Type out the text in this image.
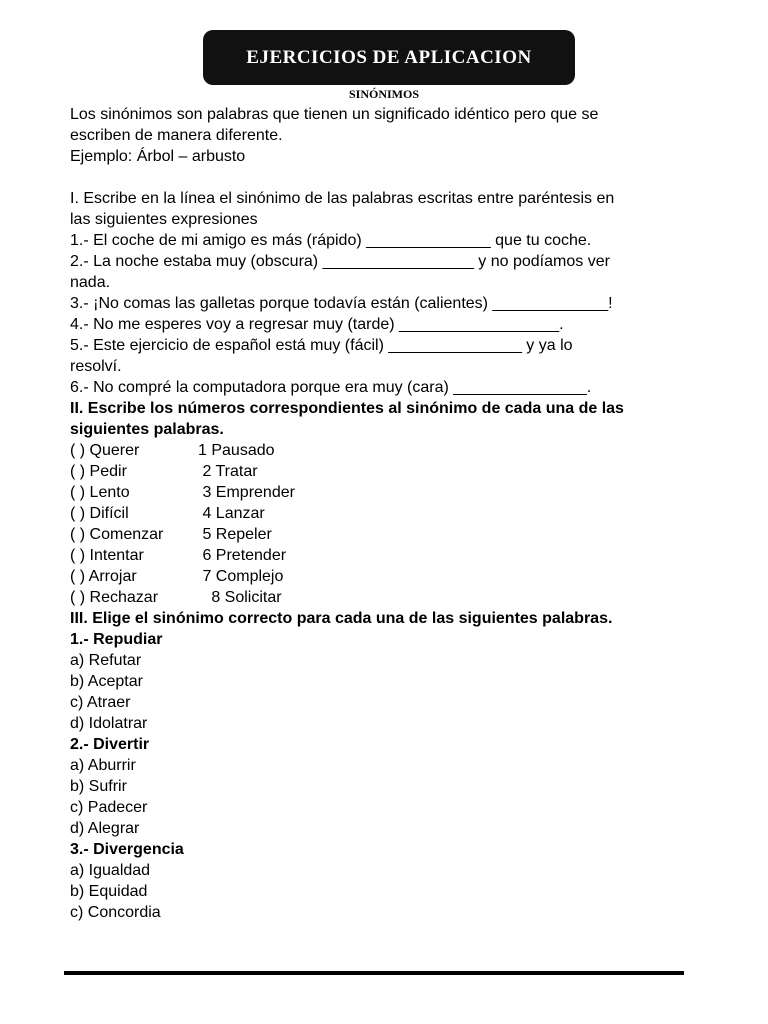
EJERCICIOS DE APLICACION
SINÓNIMOS
Los sinónimos son palabras que tienen un significado idéntico pero que se
escriben de manera diferente.
Ejemplo: Árbol – arbusto
I. Escribe en la línea el sinónimo de las palabras escritas entre paréntesis en
las siguientes expresiones
1.- El coche de mi amigo es más (rápido) ______________ que tu coche.
2.- La noche estaba muy (obscura) _________________ y no podíamos ver
nada.
3.- ¡No comas las galletas porque todavía están (calientes) _____________!
4.- No me esperes voy a regresar muy (tarde) __________________.
5.- Este ejercicio de español está muy (fácil) _______________ y ya lo
resolví.
6.- No compré la computadora porque era muy (cara) _______________.
II. Escribe los números correspondientes al sinónimo de cada una de las
siguientes palabras.
( ) Querer	1 Pausado
( ) Pedir	2 Tratar
( ) Lento	3 Emprender
( ) Difícil	4 Lanzar
( ) Comenzar	5 Repeler
( ) Intentar	6 Pretender
( ) Arrojar	7 Complejo
( ) Rechazar	8 Solicitar
III. Elige el sinónimo correcto para cada una de las siguientes palabras.
1.- Repudiar
a) Refutar
b) Aceptar
c) Atraer
d) Idolatrar
2.- Divertir
a) Aburrir
b) Sufrir
c) Padecer
d) Alegrar
3.- Divergencia
a) Igualdad
b) Equidad
c) Concordia
